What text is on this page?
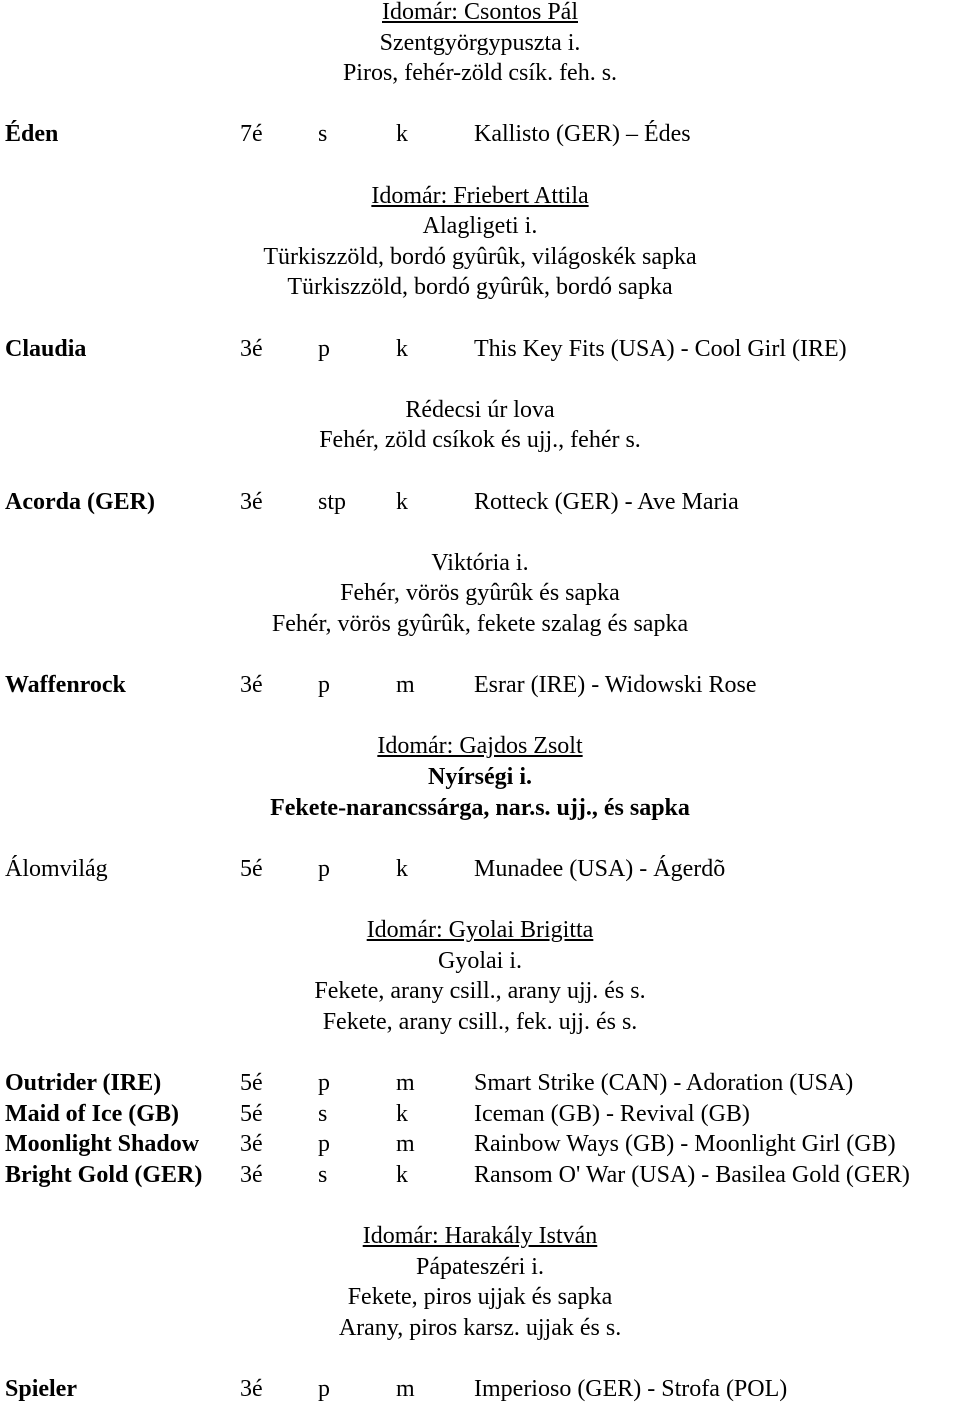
Idomár: Csontos Pál
Szentgyörgypuszta i.
Piros, fehér-zöld csík. feh. s.
Éden	7é s	k	Kallisto (GER) – Édes
Idomár: Friebert Attila
Alagligeti i.
Türkiszzöld, bordó gyûrûk, világoskék sapka
Türkiszzöld, bordó gyûrûk, bordó sapka
Claudia	3é p	k	This Key Fits (USA) - Cool Girl (IRE)
Rédecsi úr lova
Fehér, zöld csíkok és ujj., fehér s.
Acorda (GER)	3é stp k	Rotteck (GER) - Ave Maria
Viktória i.
Fehér, vörös gyûrûk és sapka
Fehér, vörös gyûrûk, fekete szalag és sapka
Waffenrock	3é p	m Esrar (IRE) - Widowski Rose
Idomár: Gajdos Zsolt
Nyírségi i.
Fekete-narancssárga, nar.s. ujj., és sapka
Álomvilág	5é p	k	Munadee (USA) - Ágerdõ
Idomár: Gyolai Brigitta
Gyolai i.
Fekete, arany csill., arany ujj. és s.
Fekete, arany csill., fek. ujj. és s.
Outrider (IRE)	5é p	m Smart Strike (CAN) - Adoration (USA)
Maid of Ice (GB)	5é s	k	Iceman (GB) - Revival (GB)
Moonlight Shadow 3é p	m Rainbow Ways (GB) - Moonlight Girl (GB)
Bright Gold (GER) 3é s	k	Ransom O' War (USA) - Basilea Gold (GER)
Idomár: Harakály István
Pápateszéri i.
Fekete, piros ujjak és sapka
Arany, piros karsz. ujjak és s.
Spieler	3é p	m Imperioso (GER) - Strofa (POL)
